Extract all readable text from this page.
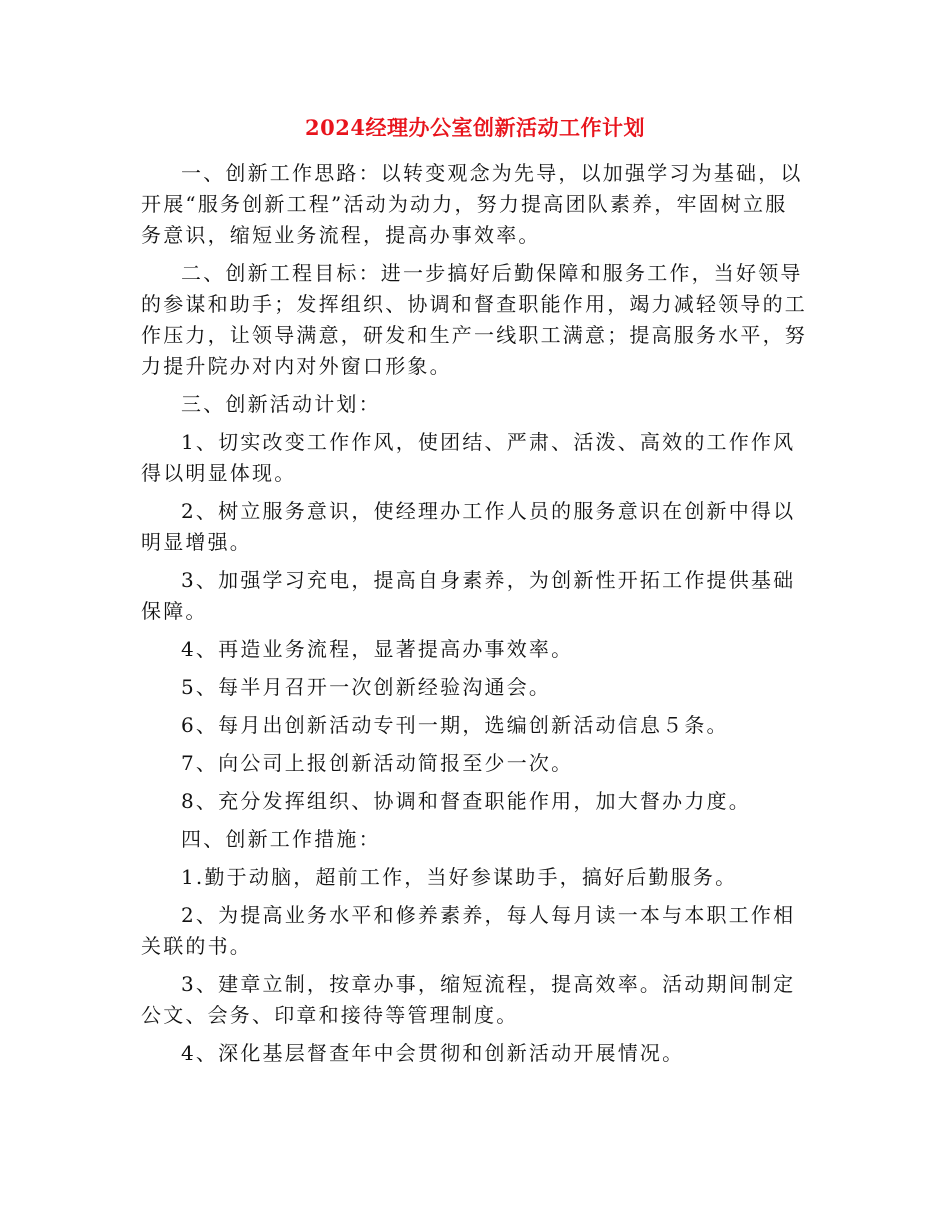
2024经理办公室创新活动工作计划

一、创新工作思路：以转变观念为先导，以加强学习为基础，以开展“服务创新工程”活动为动力，努力提高团队素养，牢固树立服务意识，缩短业务流程，提高办事效率。

二、创新工程目标：进一步搞好后勤保障和服务工作，当好领导的参谋和助手；发挥组织、协调和督查职能作用，竭力减轻领导的工作压力，让领导满意，研发和生产一线职工满意；提高服务水平，努力提升院办对内对外窗口形象。

三、创新活动计划：

1、切实改变工作作风，使团结、严肃、活泼、高效的工作作风得以明显体现。

2、树立服务意识，使经理办工作人员的服务意识在创新中得以明显增强。

3、加强学习充电，提高自身素养，为创新性开拓工作提供基础保障。

4、再造业务流程，显著提高办事效率。

5、每半月召开一次创新经验沟通会。

6、每月出创新活动专刊一期，选编创新活动信息５条。

7、向公司上报创新活动简报至少一次。

8、充分发挥组织、协调和督查职能作用，加大督办力度。

四、创新工作措施：

1.勤于动脑，超前工作，当好参谋助手，搞好后勤服务。

2、为提高业务水平和修养素养，每人每月读一本与本职工作相关联的书。

3、建章立制，按章办事，缩短流程，提高效率。活动期间制定公文、会务、印章和接待等管理制度。

4、深化基层督查年中会贯彻和创新活动开展情况。
